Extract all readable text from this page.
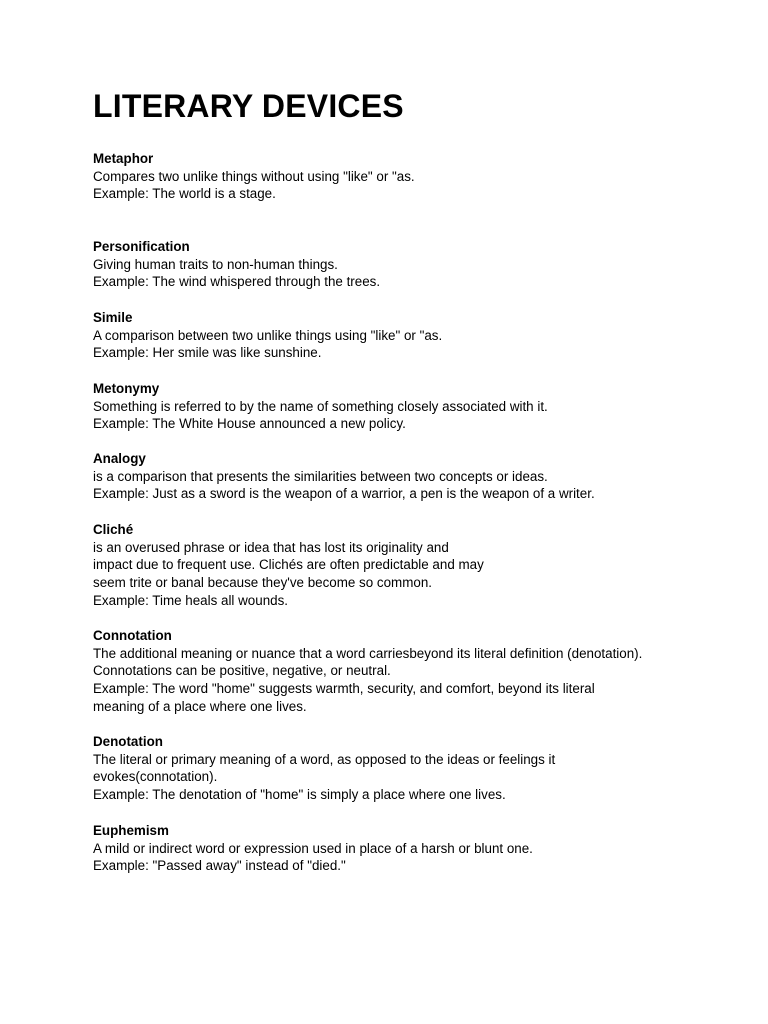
LITERARY DEVICES
Metaphor
Compares two unlike things without using "like" or "as.
Example: The world is a stage.
Personification
Giving human traits to non-human things.
Example: The wind whispered through the trees.
Simile
A comparison between two unlike things using "like" or "as.
Example: Her smile was like sunshine.
Metonymy
Something is referred to by the name of something closely associated with it.
Example: The White House announced a new policy.
Analogy
is a comparison that presents the similarities between two concepts or ideas.
Example: Just as a sword is the weapon of a warrior, a pen is the weapon of a writer.
Cliché
is an overused phrase or idea that has lost its originality and
impact due to frequent use. Clichés are often predictable and may
seem trite or banal because they've become so common.
Example: Time heals all wounds.
Connotation
The additional meaning or nuance that a word carriesbeyond its literal definition (denotation).
Connotations can be positive, negative, or neutral.
Example: The word "home" suggests warmth, security, and comfort, beyond its literal
meaning of a place where one lives.
Denotation
The literal or primary meaning of a word, as opposed to the ideas or feelings it
evokes(connotation).
Example: The denotation of "home" is simply a place where one lives.
Euphemism
A mild or indirect word or expression used in place of a harsh or blunt one.
Example: "Passed away" instead of "died."
